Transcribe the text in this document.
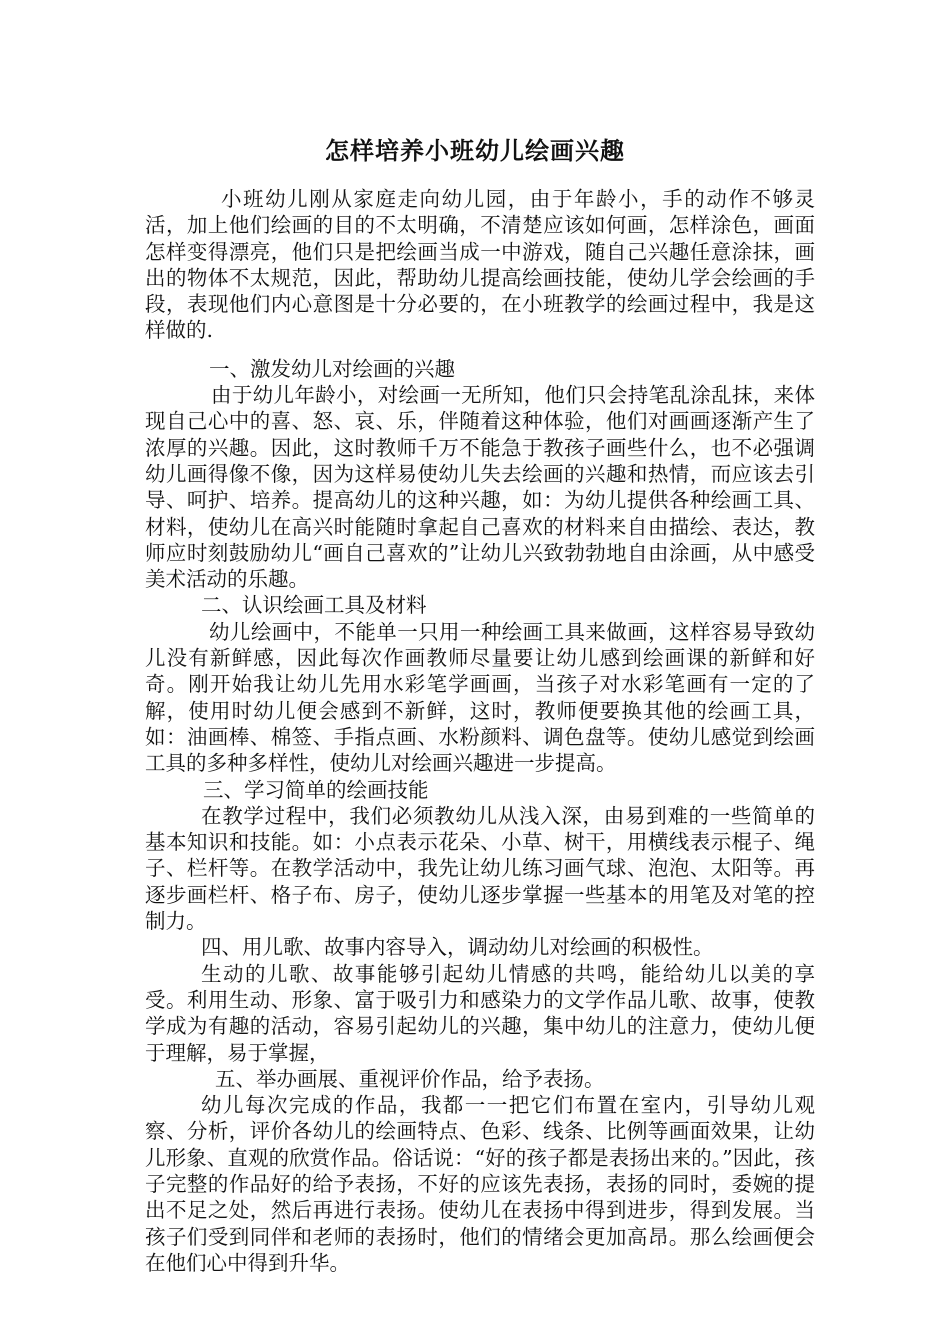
怎样培养小班幼儿绘画兴趣

小班幼儿刚从家庭走向幼儿园，由于年龄小，手的动作不够灵活，加上他们绘画的目的不太明确，不清楚应该如何画，怎样涂色，画面怎样变得漂亮，他们只是把绘画当成一中游戏，随自己兴趣任意涂抹，画出的物体不太规范，因此，帮助幼儿提高绘画技能，使幼儿学会绘画的手段，表现他们内心意图是十分必要的，在小班教学的绘画过程中，我是这样做的.

一、激发幼儿对绘画的兴趣

由于幼儿年龄小，对绘画一无所知，他们只会持笔乱涂乱抹，来体现自己心中的喜、怒、哀、乐，伴随着这种体验，他们对画画逐渐产生了浓厚的兴趣。因此，这时教师千万不能急于教孩子画些什么，也不必强调幼儿画得像不像，因为这样易使幼儿失去绘画的兴趣和热情，而应该去引导、呵护、培养。提高幼儿的这种兴趣，如：为幼儿提供各种绘画工具、材料，使幼儿在高兴时能随时拿起自己喜欢的材料来自由描绘、表达，教师应时刻鼓励幼儿“画自己喜欢的”让幼儿兴致勃勃地自由涂画，从中感受美术活动的乐趣。

二、认识绘画工具及材料

幼儿绘画中，不能单一只用一种绘画工具来做画，这样容易导致幼儿没有新鲜感，因此每次作画教师尽量要让幼儿感到绘画课的新鲜和好奇。刚开始我让幼儿先用水彩笔学画画，当孩子对水彩笔画有一定的了解，使用时幼儿便会感到不新鲜，这时，教师便要换其他的绘画工具，如：油画棒、棉签、手指点画、水粉颜料、调色盘等。使幼儿感觉到绘画工具的多种多样性，使幼儿对绘画兴趣进一步提高。

三、学习简单的绘画技能

在教学过程中，我们必须教幼儿从浅入深，由易到难的一些简单的基本知识和技能。如：小点表示花朵、小草、树干，用横线表示棍子、绳子、栏杆等。在教学活动中，我先让幼儿练习画气球、泡泡、太阳等。再逐步画栏杆、格子布、房子，使幼儿逐步掌握一些基本的用笔及对笔的控制力。

四、用儿歌、故事内容导入，调动幼儿对绘画的积极性。

生动的儿歌、故事能够引起幼儿情感的共鸣，能给幼儿以美的享受。利用生动、形象、富于吸引力和感染力的文学作品儿歌、故事，使教学成为有趣的活动，容易引起幼儿的兴趣，集中幼儿的注意力，使幼儿便于理解，易于掌握，

五、举办画展、重视评价作品，给予表扬。

幼儿每次完成的作品，我都一一把它们布置在室内，引导幼儿观察、分析，评价各幼儿的绘画特点、色彩、线条、比例等画面效果，让幼儿形象、直观的欣赏作品。俗话说：“好的孩子都是表扬出来的。”因此，孩子完整的作品好的给予表扬，不好的应该先表扬，表扬的同时，委婉的提出不足之处，然后再进行表扬。使幼儿在表扬中得到进步，得到发展。当孩子们受到同伴和老师的表扬时，他们的情绪会更加高昂。那么绘画便会在他们心中得到升华。
